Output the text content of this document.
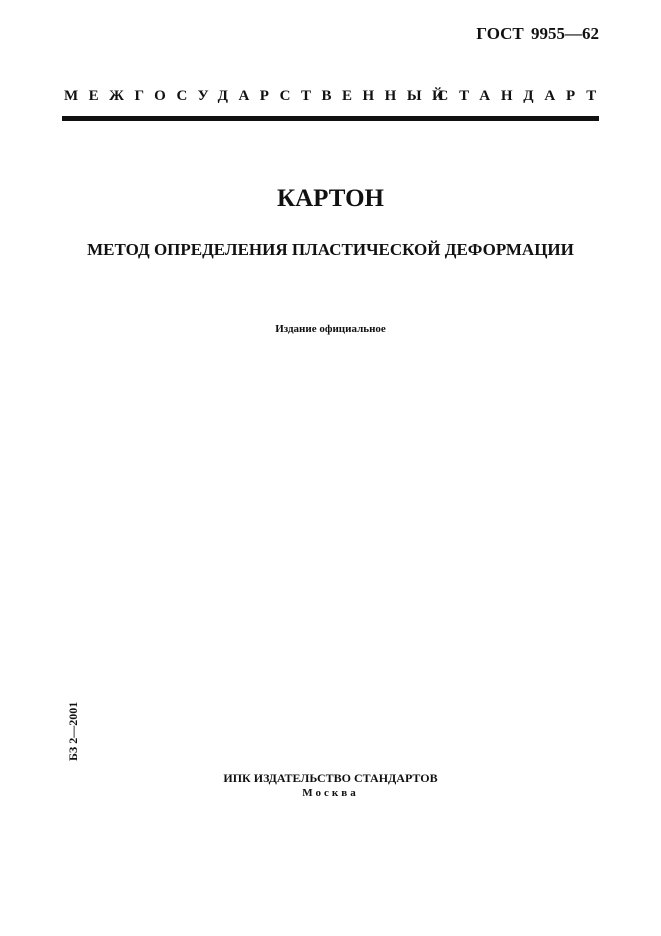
ГОСТ 9955—62
МЕЖГОСУДАРСТВЕННЫЙ
СТАНДАРТ
КАРТОН
МЕТОД ОПРЕДЕЛЕНИЯ ПЛАСТИЧЕСКОЙ ДЕФОРМАЦИИ
Издание официальное
БЗ 2—2001
ИПК ИЗДАТЕЛЬСТВО СТАНДАРТОВ
Москва
